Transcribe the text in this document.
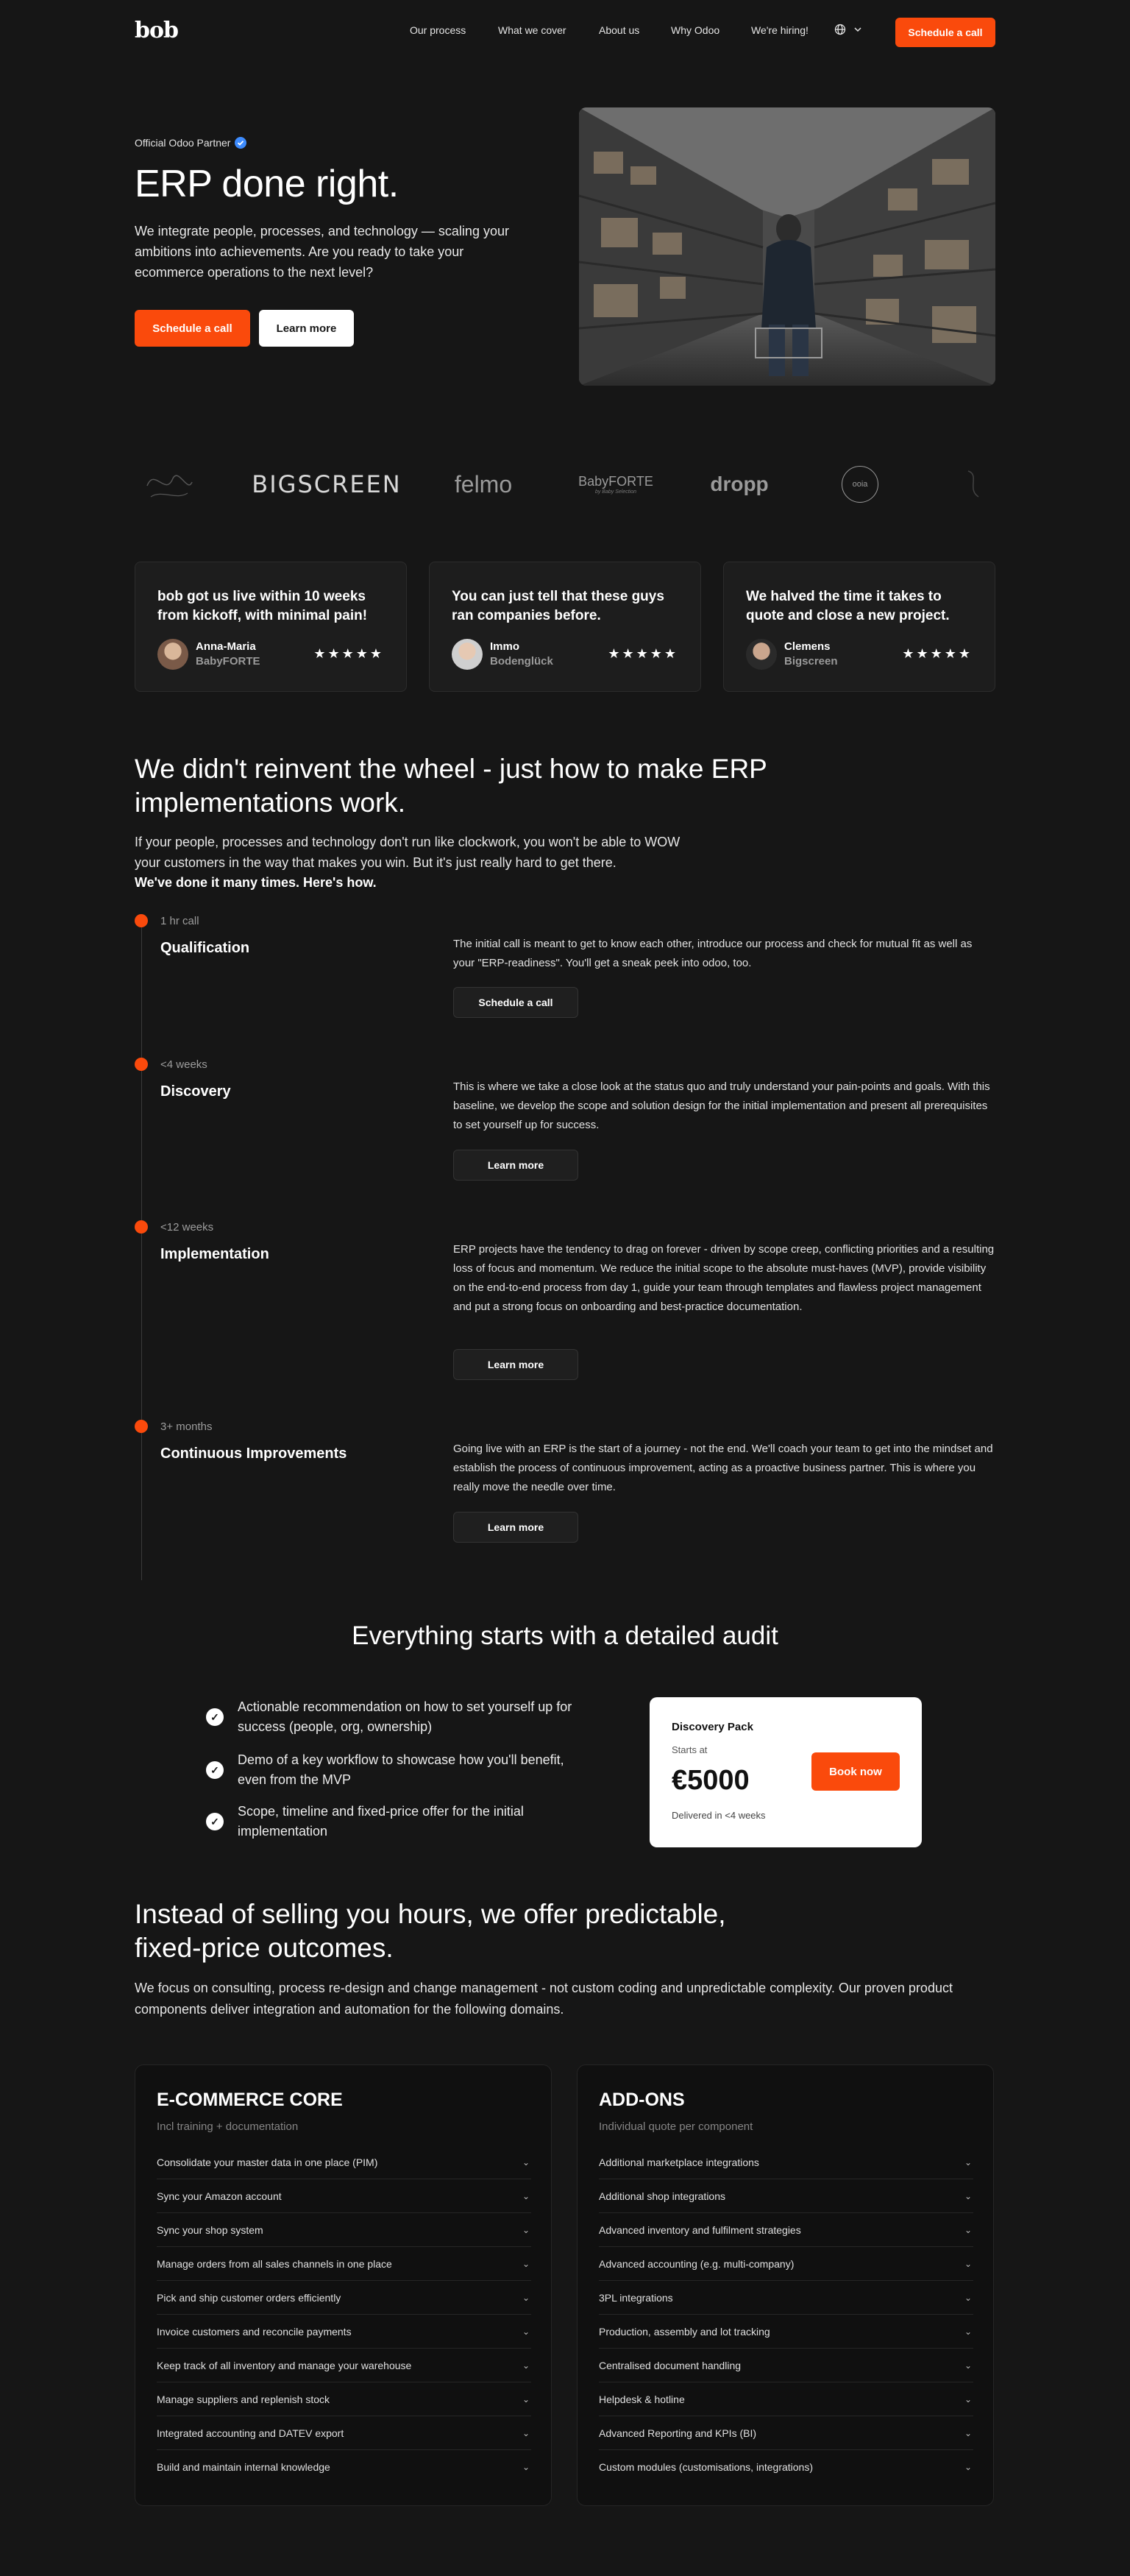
bob	Our process	What we cover	About us	Why Odoo	We're hiring!	Schedule a call
Official Odoo Partner
ERP done right.

We integrate people, processes, and technology — scaling your ambitions into achievements. Are you ready to take your ecommerce operations to the next level?

Schedule a call	Learn more
BIGSCREEN felmo	BabyFORTE
by Baby Selection	dropp	ooia
bob got us live within 10 weeks from kickoff, with minimal pain!
Anna-Maria
BabyFORTE
★★★★★
You can just tell that these guys ran companies before.
Immo
Bodenglück
★★★★★
We halved the time it takes to quote and close a new project.
Clemens
Bigscreen
★★★★★
We didn't reinvent the wheel - just how to make ERP implementations work.

If your people, processes and technology don't run like clockwork, you won't be able to WOW your customers in the way that makes you win. But it's just really hard to get there.

We've done it many times. Here's how.

1 hr call
Qualification	The initial call is meant to get to know each other, introduce our process and check for mutual fit as well as your "ERP-readiness". You'll get a sneak peek into odoo, too.
Schedule a call
<4 weeks
Discovery	This is where we take a close look at the status quo and truly understand your pain-points and goals. With this baseline, we develop the scope and solution design for the initial implementation and present all prerequisites to set yourself up for success.
Learn more
<12 weeks
Implementation	ERP projects have the tendency to drag on forever - driven by scope creep, conflicting priorities and a resulting loss of focus and momentum. We reduce the initial scope to the absolute must-haves (MVP), provide visibility on the end-to-end process from day 1, guide your team through templates and flawless project management and put a strong focus on onboarding and best-practice documentation.
Learn more
3+ months
Continuous Improvements	Going live with an ERP is the start of a journey - not the end. We'll coach your team to get into the mindset and establish the process of continuous improvement, acting as a proactive business partner. This is where you really move the needle over time.
Learn more
Everything starts with a detailed audit
✓
Actionable recommendation on how to set yourself up for success (people, org, ownership)
✓
Demo of a key workflow to showcase how you'll benefit, even from the MVP
✓
Scope, timeline and fixed-price offer for the initial implementation
Discovery Pack
Starts at
€5000
Delivered in <4 weeks
Book now
Instead of selling you hours, we offer predictable, fixed-price outcomes.

We focus on consulting, process re-design and change management - not custom coding and unpredictable complexity. Our proven product components deliver integration and automation for the following domains.

E-COMMERCE CORE
Incl training + documentation
Consolidate your master data in one place (PIM)	⌄
Sync your Amazon account	⌄
Sync your shop system	⌄
Manage orders from all sales channels in one place	⌄
Pick and ship customer orders efficiently	⌄
Invoice customers and reconcile payments	⌄
Keep track of all inventory and manage your warehouse	⌄
Manage suppliers and replenish stock	⌄
Integrated accounting and DATEV export	⌄
Build and maintain internal knowledge	⌄
ADD-ONS
Individual quote per component
Additional marketplace integrations	⌄
Additional shop integrations	⌄
Advanced inventory and fulfilment strategies	⌄
Advanced accounting (e.g. multi-company)	⌄
3PL integrations	⌄
Production, assembly and lot tracking	⌄
Centralised document handling	⌄
Helpdesk & hotline	⌄
Advanced Reporting and KPIs (BI)	⌄
Custom modules (customisations, integrations)	⌄
